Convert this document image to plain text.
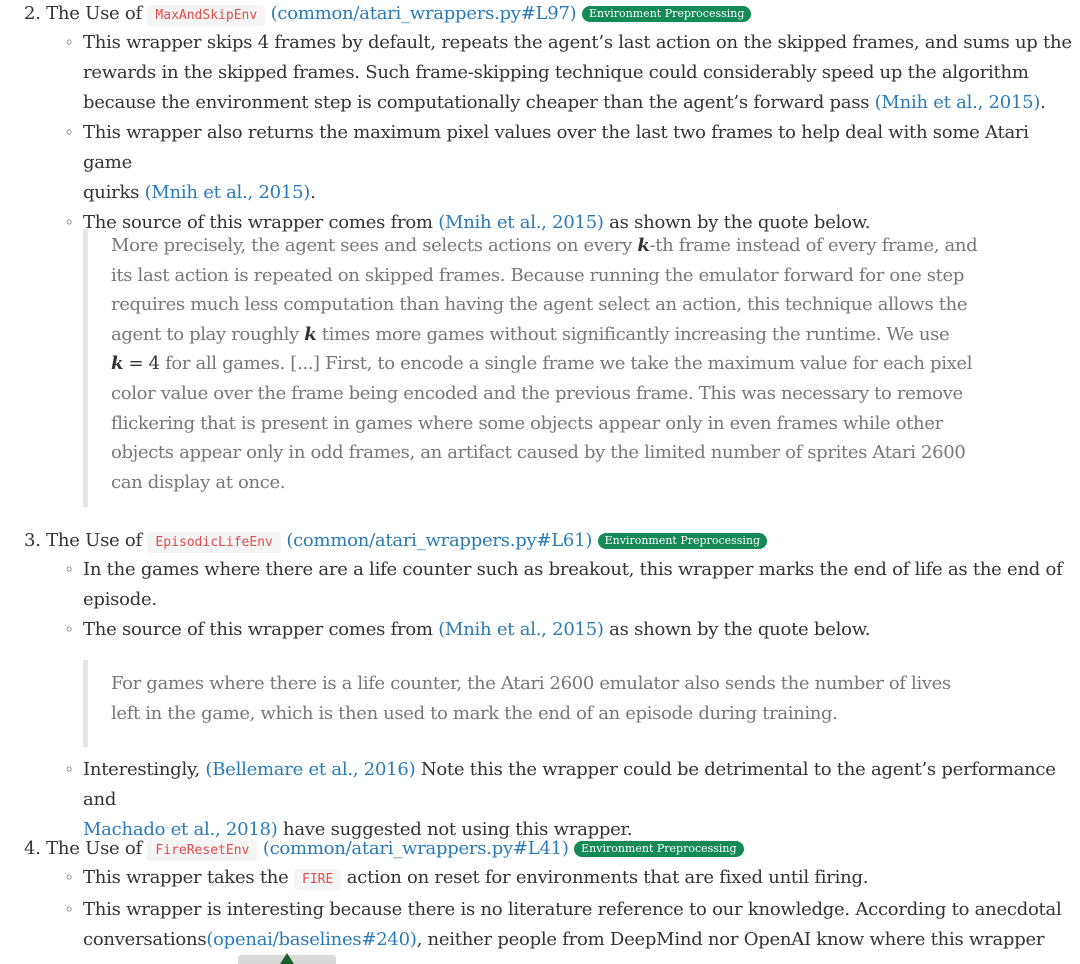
2. The Use of MaxAndSkipEnv (common/atari_wrappers.py#L97) Environment Preprocessing
◦ This wrapper skips 4 frames by default, repeats the agent’s last action on the skipped frames, and sums up the
rewards in the skipped frames. Such frame-skipping technique could considerably speed up the algorithm
because the environment step is computationally cheaper than the agent’s forward pass (Mnih et al., 2015).
◦ This wrapper also returns the maximum pixel values over the last two frames to help deal with some Atari game
quirks (Mnih et al., 2015).
◦ The source of this wrapper comes from (Mnih et al., 2015) as shown by the quote below.
More precisely, the agent sees and selects actions on every k-th frame instead of every frame, and
its last action is repeated on skipped frames. Because running the emulator forward for one step
requires much less computation than having the agent select an action, this technique allows the
agent to play roughly k times more games without significantly increasing the runtime. We use
k = 4 for all games. [...] First, to encode a single frame we take the maximum value for each pixel
color value over the frame being encoded and the previous frame. This was necessary to remove
flickering that is present in games where some objects appear only in even frames while other
objects appear only in odd frames, an artifact caused by the limited number of sprites Atari 2600
can display at once.
3. The Use of EpisodicLifeEnv (common/atari_wrappers.py#L61) Environment Preprocessing
◦ In the games where there are a life counter such as breakout, this wrapper marks the end of life as the end of
episode.
◦ The source of this wrapper comes from (Mnih et al., 2015) as shown by the quote below.
For games where there is a life counter, the Atari 2600 emulator also sends the number of lives
left in the game, which is then used to mark the end of an episode during training.
◦ Interestingly, (Bellemare et al., 2016) Note this the wrapper could be detrimental to the agent’s performance and
Machado et al., 2018) have suggested not using this wrapper.
4. The Use of FireResetEnv (common/atari_wrappers.py#L41) Environment Preprocessing
◦ This wrapper takes the FIRE action on reset for environments that are fixed until firing.
◦ This wrapper is interesting because there is no literature reference to our knowledge. According to anecdotal
conversations(openai/baselines#240), neither people from DeepMind nor OpenAI know where this wrapper
